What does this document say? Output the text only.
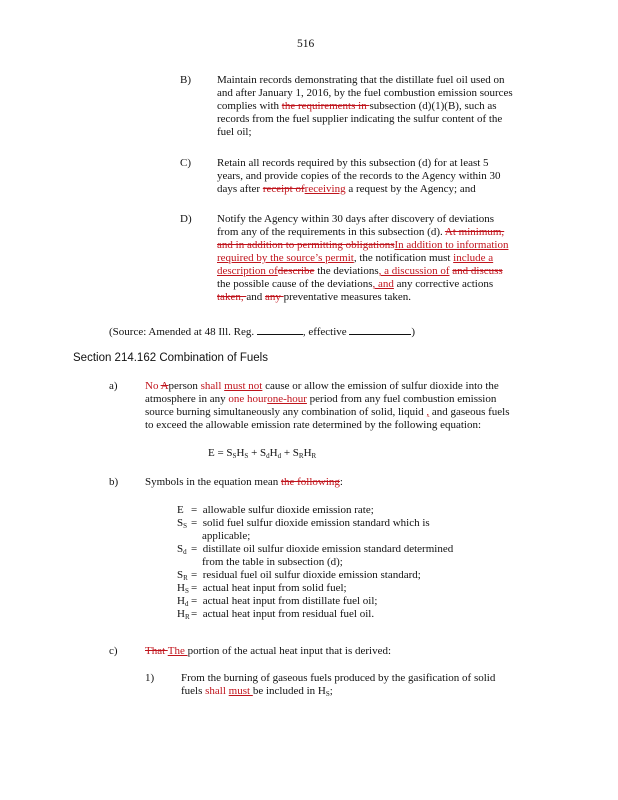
516
B) Maintain records demonstrating that the distillate fuel oil used on
and after January 1, 2016, by the fuel combustion emission sources
complies with the requirements in subsection (d)(1)(B), such as
records from the fuel supplier indicating the sulfur content of the
fuel oil;
C) Retain all records required by this subsection (d) for at least 5
years, and provide copies of the records to the Agency within 30
days after receipt ofreceiving a request by the Agency; and
D) Notify the Agency within 30 days after discovery of deviations
from any of the requirements in this subsection (d). At minimum,
and in addition to permitting obligationsIn addition to information
required by the source’s permit, the notification must include a
description ofdescribe the deviations, a discussion of and discuss
the possible cause of the deviations, and any corrective actions
taken, and any preventative measures taken.
(Source: Amended at 48 Ill. Reg.	, effective	)
Section 214.162 Combination of Fuels
a) No Aperson shall must not cause or allow the emission of sulfur dioxide into the
atmosphere in any one hourone-hour period from any fuel combustion emission
source burning simultaneously any combination of solid, liquid , and gaseous fuels
to exceed the allowable emission rate determined by the following equation:
$E = S_SH_S + S_dH_d + S_RH_R$
b) Symbols in the equation mean the following:
E =  allowable sulfur dioxide emission rate;
$S_S$ =  solid fuel sulfur dioxide emission standard which is
applicable;
$S_d$ =  distillate oil sulfur dioxide emission standard determined
from the table in subsection (d);
$S_R$ =  residual fuel oil sulfur dioxide emission standard;
$H_S$ =  actual heat input from solid fuel;
$H_d$ =  actual heat input from distillate fuel oil;
$H_R=$  actual heat input from residual fuel oil.
c) That The portion of the actual heat input that is derived:
1) From the burning of gaseous fuels produced by the gasification of solid
fuels shall must be included in $H_S$;
